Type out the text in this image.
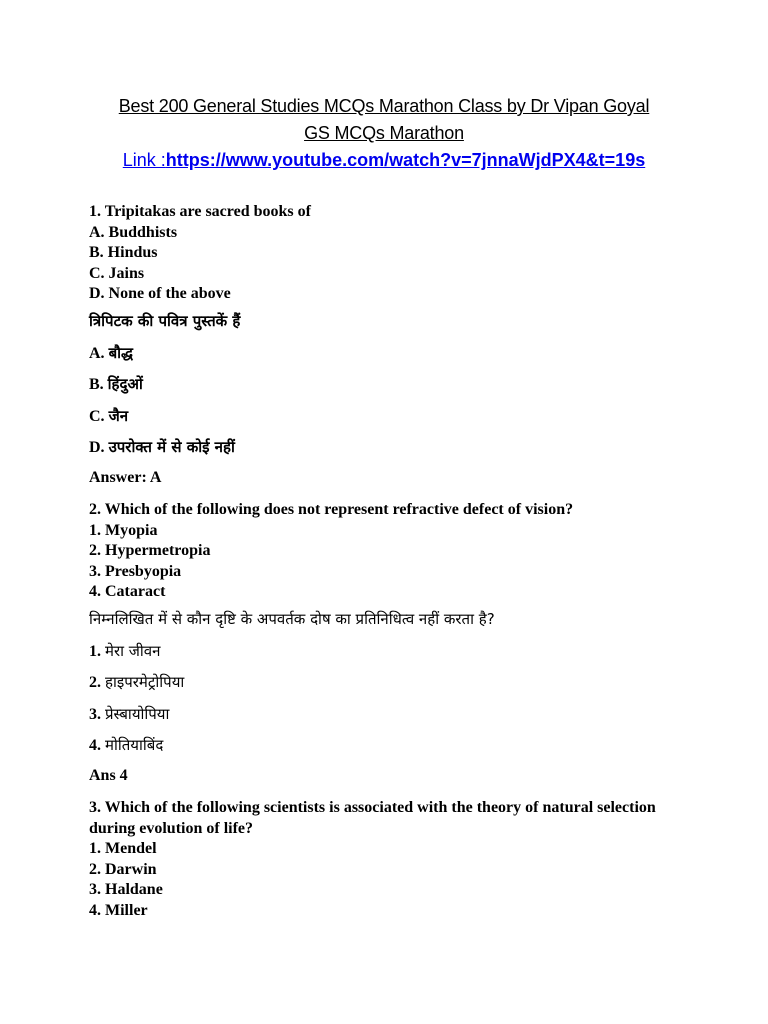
Best 200 General Studies MCQs Marathon Class by Dr Vipan Goyal
GS MCQs Marathon
Link :https://www.youtube.com/watch?v=7jnnaWjdPX4&t=19s
1. Tripitakas are sacred books of
A. Buddhists
B. Hindus
C. Jains
D. None of the above
त्रिपिटक की पवित्र पुस्तकें हैं
A. बौद्ध
B. हिंदुओं
C. जैन
D. उपरोक्त में से कोई नहीं
Answer: A
2. Which of the following does not represent refractive defect of vision?
1. Myopia
2. Hypermetropia
3. Presbyopia
4. Cataract
निम्नलिखित में से कौन दृष्टि के अपवर्तक दोष का प्रतिनिधित्व नहीं करता है?
1. मेरा जीवन
2. हाइपरमेट्रोपिया
3. प्रेस्बायोपिया
4. मोतियाबिंद
Ans 4
3. Which of the following scientists is associated with the theory of natural selection during evolution of life?
1. Mendel
2. Darwin
3. Haldane
4. Miller
